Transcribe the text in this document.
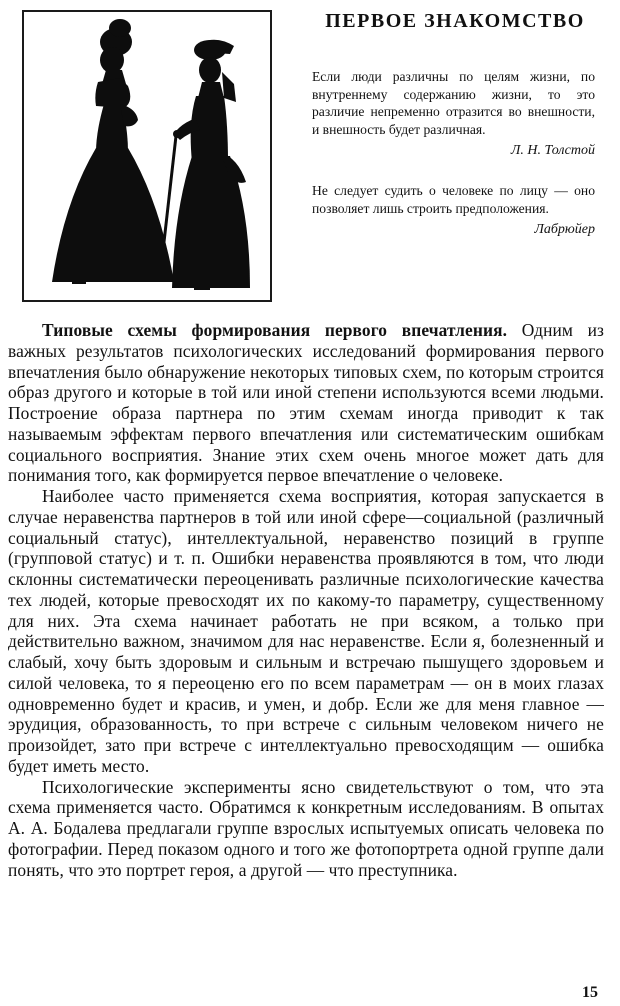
ПЕРВОЕ ЗНАКОМСТВО
Если люди различны по целям жизни, по внутреннему содержанию жизни, то это различие непременно отразится во внешности, и внешность будет различная.
Л. Н. Толстой
Не следует судить о человеке по лицу — оно позволяет лишь строить предположения.
Лабрюйер

Типовые схемы формирования первого впечатления. Одним из важных результатов психологических исследований формирования первого впечатления было обнаружение некоторых типовых схем, по которым строится образ другого и которые в той или иной степени используются всеми людьми. Построение образа партнера по этим схемам иногда приводит к так называемым эффектам первого впечатления или систематическим ошибкам социального восприятия. Знание этих схем очень многое может дать для понимания того, как формируется первое впечатление о человеке.

Наиболее часто применяется схема восприятия, которая запускается в случае неравенства партнеров в той или иной сфере—социальной (различный социальный статус), интеллектуальной, неравенство позиций в группе (групповой статус) и т. п. Ошибки неравенства проявляются в том, что люди склонны систематически переоценивать различные психологические качества тех людей, которые превосходят их по какому-то параметру, существенному для них. Эта схема начинает работать не при всяком, а только при действительно важном, значимом для нас неравенстве. Если я, болезненный и слабый, хочу быть здоровым и сильным и встречаю пышущего здоровьем и силой человека, то я переоценю его по всем параметрам — он в моих глазах одновременно будет и красив, и умен, и добр. Если же для меня главное — эрудиция, образованность, то при встрече с сильным человеком ничего не произойдет, зато при встрече с интеллектуально превосходящим — ошибка будет иметь место.

Психологические эксперименты ясно свидетельствуют о том, что эта схема применяется часто. Обратимся к конкретным исследованиям. В опытах А. А. Бодалева предлагали группе взрослых испытуемых описать человека по фотографии. Перед показом одного и того же фотопортрета одной группе дали понять, что это портрет героя, а другой — что преступника.

15
